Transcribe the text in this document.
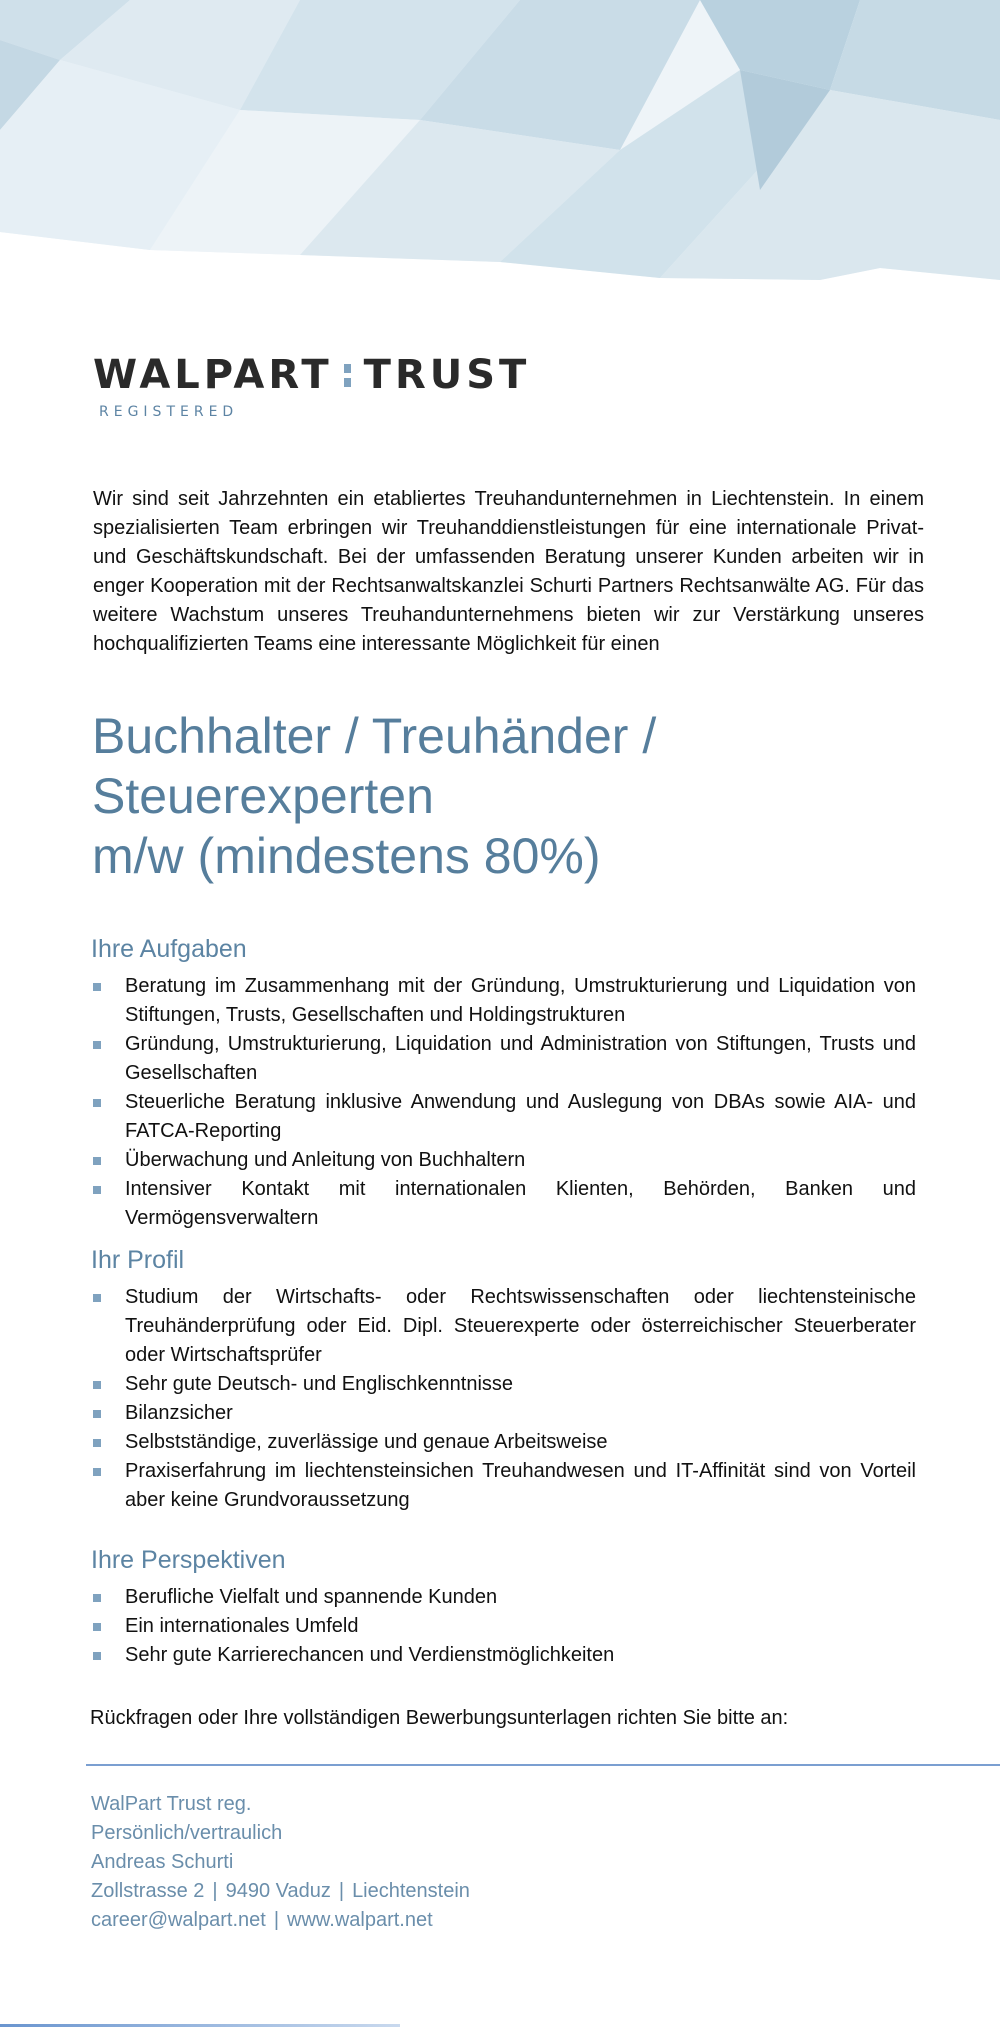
WALPART TRUST
REGISTERED

Wir sind seit Jahrzehnten ein etabliertes Treuhandunternehmen in Liechtenstein. In einem spezialisierten Team erbringen wir Treuhanddienstleistungen für eine internationale Privat- und Geschäftskundschaft. Bei der umfassenden Beratung unserer Kunden arbeiten wir in enger Kooperation mit der Rechtsanwaltskanzlei Schurti Partners Rechtsanwälte AG. Für das weitere Wachstum unseres Treuhandunternehmens bieten wir zur Verstärkung unseres hochqualifizierten Teams eine interessante Möglichkeit für einen

Buchhalter / Treuhänder /
Steuerexperten
m/w (mindestens 80%)
Ihre Aufgaben
Beratung im Zusammenhang mit der Gründung, Umstrukturierung und Liquidation von Stiftungen, Trusts, Gesellschaften und Holdingstrukturen
Gründung, Umstrukturierung, Liquidation und Administration von Stiftungen, Trusts und Gesellschaften
Steuerliche Beratung inklusive Anwendung und Auslegung von DBAs sowie AIA- und FATCA-Reporting
Überwachung und Anleitung von Buchhaltern
Intensiver Kontakt mit internationalen Klienten, Behörden, Banken und Vermögensverwaltern
Ihr Profil
Studium der Wirtschafts- oder Rechtswissenschaften oder liechtensteinische Treuhänderprüfung oder Eid. Dipl. Steuerexperte oder österreichischer Steuerberater oder Wirtschaftsprüfer
Sehr gute Deutsch- und Englischkenntnisse
Bilanzsicher
Selbstständige, zuverlässige und genaue Arbeitsweise
Praxiserfahrung im liechtensteinsichen Treuhandwesen und IT-Affinität sind von Vorteil aber keine Grundvoraussetzung
Ihre Perspektiven
Berufliche Vielfalt und spannende Kunden
Ein internationales Umfeld
Sehr gute Karrierechancen und Verdienstmöglichkeiten
Rückfragen oder Ihre vollständigen Bewerbungsunterlagen richten Sie bitte an:
WalPart Trust reg.
Persönlich/vertraulich
Andreas Schurti
Zollstrasse 2 | 9490 Vaduz | Liechtenstein
career@walpart.net | www.walpart.net
